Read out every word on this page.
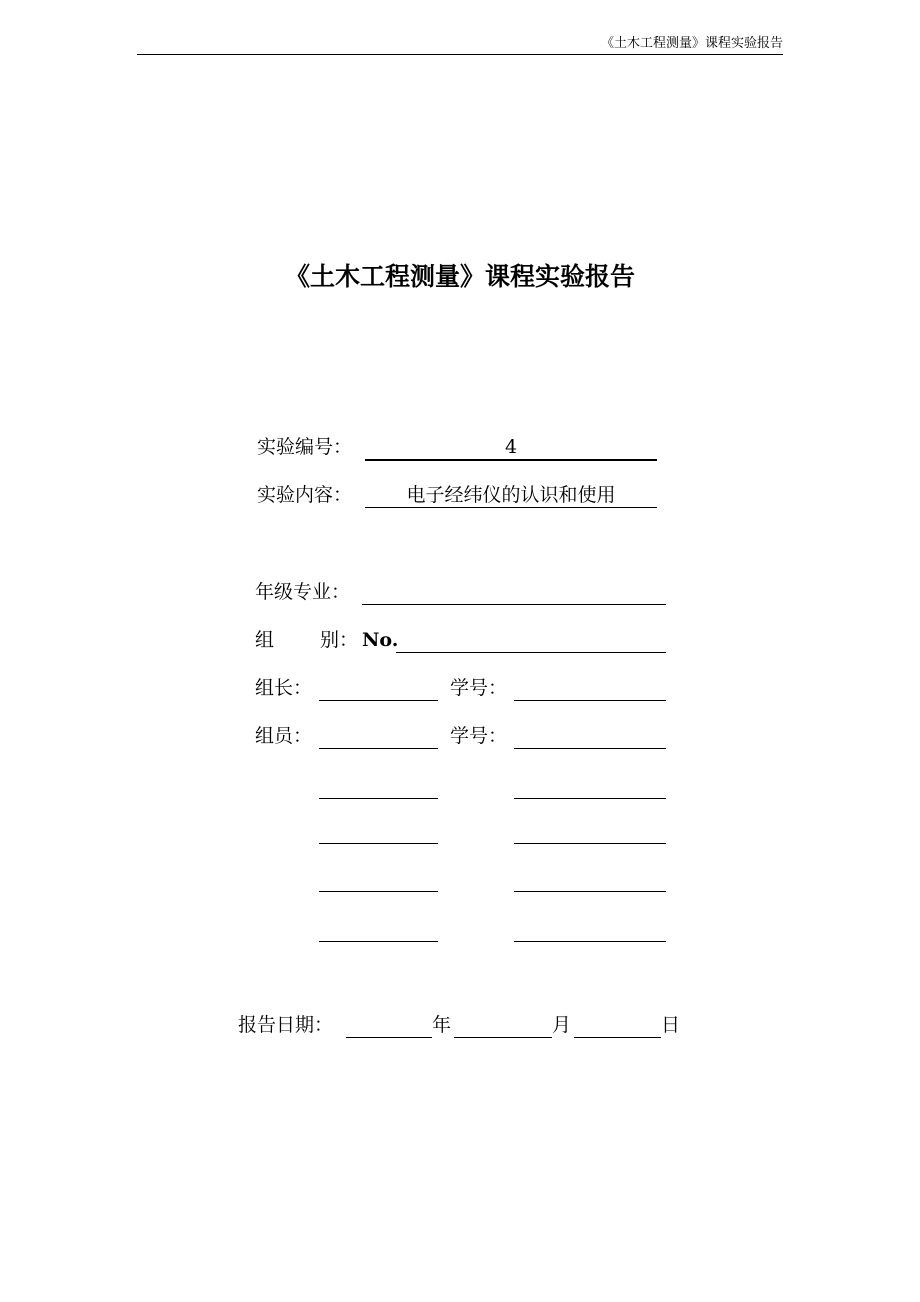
《土木工程测量》课程实验报告
《土木工程测量》课程实验报告
实验编号：	4
实验内容：	电子经纬仪的认识和使用
年级专业：
组 别： No.
组长：	学号：
组员：	学号：
报告日期：	年	月	日
